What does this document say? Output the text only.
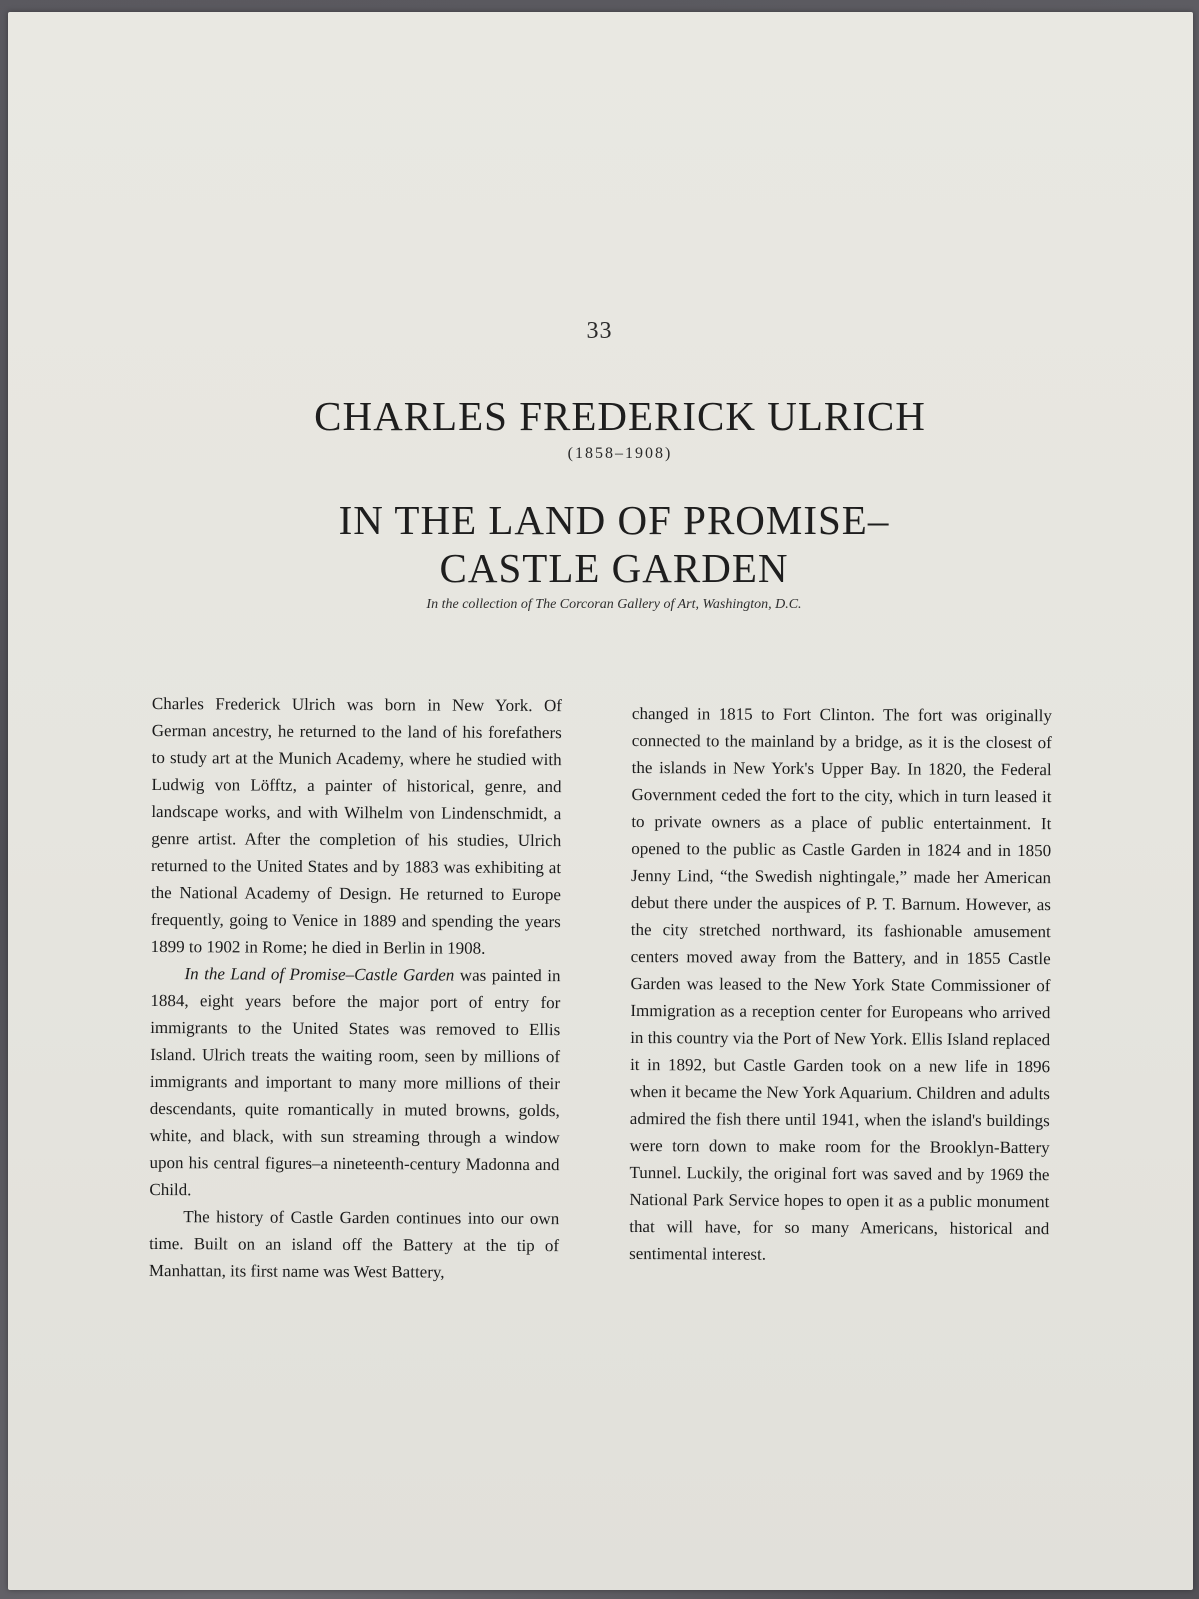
33
CHARLES FREDERICK ULRICH
(1858–1908)
IN THE LAND OF PROMISE–
CASTLE GARDEN
In the collection of The Corcoran Gallery of Art, Washington, D.C.

Charles Frederick Ulrich was born in New York. Of German ancestry, he returned to the land of his forefathers to study art at the Munich Academy, where he studied with Ludwig von Löfftz, a painter of historical, genre, and landscape works, and with Wilhelm von Lindenschmidt, a genre artist. After the completion of his studies, Ulrich returned to the United States and by 1883 was exhibiting at the National Academy of Design. He returned to Europe frequently, going to Venice in 1889 and spending the years 1899 to 1902 in Rome; he died in Berlin in 1908.

In the Land of Promise–Castle Garden was painted in 1884, eight years before the major port of entry for immigrants to the United States was removed to Ellis Island. Ulrich treats the waiting room, seen by millions of immigrants and important to many more millions of their descendants, quite romantically in muted browns, golds, white, and black, with sun streaming through a window upon his central figures–a nineteenth-century Madonna and Child.

The history of Castle Garden continues into our own time. Built on an island off the Battery at the tip of Manhattan, its first name was West Battery,

changed in 1815 to Fort Clinton. The fort was originally connected to the mainland by a bridge, as it is the closest of the islands in New York's Upper Bay. In 1820, the Federal Government ceded the fort to the city, which in turn leased it to private owners as a place of public entertainment. It opened to the public as Castle Garden in 1824 and in 1850 Jenny Lind, “the Swedish nightingale,” made her American debut there under the auspices of P. T. Barnum. However, as the city stretched northward, its fashionable amusement centers moved away from the Battery, and in 1855 Castle Garden was leased to the New York State Commissioner of Immigration as a reception center for Europeans who arrived in this country via the Port of New York. Ellis Island replaced it in 1892, but Castle Garden took on a new life in 1896 when it became the New York Aquarium. Children and adults admired the fish there until 1941, when the island's buildings were torn down to make room for the Brooklyn-Battery Tunnel. Luckily, the original fort was saved and by 1969 the National Park Service hopes to open it as a public monument that will have, for so many Americans, historical and sentimental interest.
